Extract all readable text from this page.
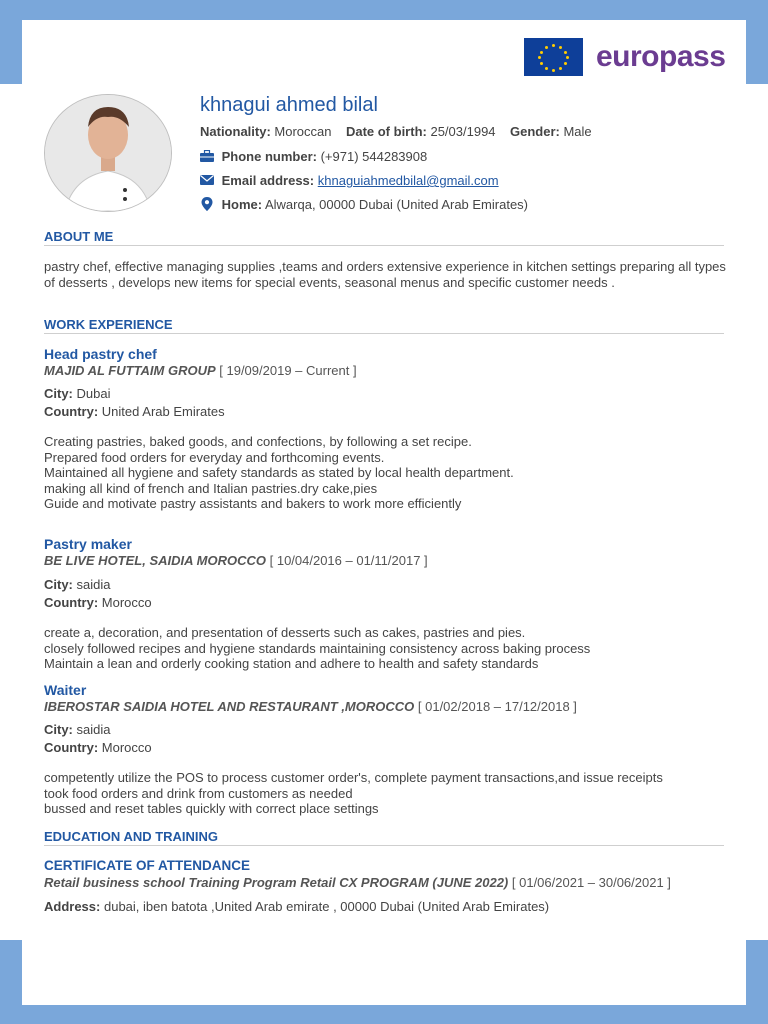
europass
khnagui ahmed bilal
Nationality: Moroccan Date of birth: 25/03/1994 Gender: Male
Phone number: (+971) 544283908
Email address: khnaguiahmedbilal@gmail.com
Home: Alwarqa, 00000 Dubai (United Arab Emirates)
ABOUT ME
pastry chef, effective managing supplies ,teams and orders extensive experience in kitchen settings preparing all types of desserts , develops new items for special events, seasonal menus and specific customer needs .
WORK EXPERIENCE
Head pastry chef
MAJID AL FUTTAIM GROUP [ 19/09/2019 – Current ]
City: Dubai
Country: United Arab Emirates
Creating pastries, baked goods, and confections, by following a set recipe.
Prepared food orders for everyday and forthcoming events.
Maintained all hygiene and safety standards as stated by local health department.
making all kind of french and Italian pastries.dry cake,pies
Guide and motivate pastry assistants and bakers to work more efficiently
Pastry maker
BE LIVE HOTEL, SAIDIA MOROCCO [ 10/04/2016 – 01/11/2017 ]
City: saidia
Country: Morocco
create a, decoration, and presentation of desserts such as cakes, pastries and pies.
closely followed recipes and hygiene standards maintaining consistency across baking process
Maintain a lean and orderly cooking station and adhere to health and safety standards
Waiter
IBEROSTAR SAIDIA HOTEL AND RESTAURANT ,MOROCCO [ 01/02/2018 – 17/12/2018 ]
City: saidia
Country: Morocco
competently utilize the POS to process customer order's, complete payment transactions,and issue receipts
took food orders and drink from customers as needed
bussed and reset tables quickly with correct place settings
EDUCATION AND TRAINING
CERTIFICATE OF ATTENDANCE
Retail business school Training Program Retail CX PROGRAM (JUNE 2022) [ 01/06/2021 – 30/06/2021 ]
Address: dubai, iben batota ,United Arab emirate , 00000 Dubai (United Arab Emirates)
